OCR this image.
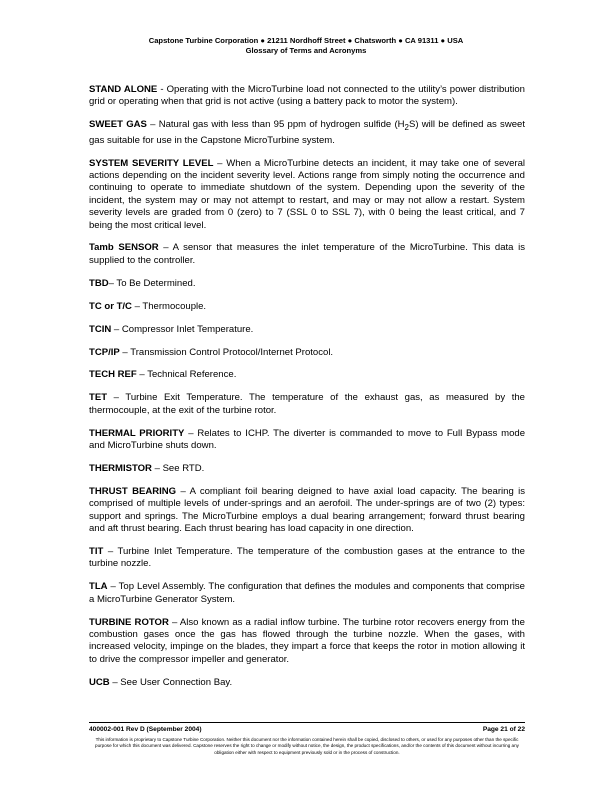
Capstone Turbine Corporation ● 21211 Nordhoff Street ● Chatsworth ● CA 91311 ● USA
Glossary of Terms and Acronyms

STAND ALONE - Operating with the MicroTurbine load not connected to the utility’s power distribution grid or operating when that grid is not active (using a battery pack to motor the system).

SWEET GAS – Natural gas with less than 95 ppm of hydrogen sulfide $(H_2S)$ will be defined as sweet gas suitable for use in the Capstone MicroTurbine system.

SYSTEM SEVERITY LEVEL – When a MicroTurbine detects an incident, it may take one of several actions depending on the incident severity level. Actions range from simply noting the occurrence and continuing to operate to immediate shutdown of the system. Depending upon the severity of the incident, the system may or may not attempt to restart, and may or may not allow a restart. System severity levels are graded from 0 (zero) to 7 (SSL 0 to SSL 7), with 0 being the least critical, and 7 being the most critical level.

Tamb SENSOR – A sensor that measures the inlet temperature of the MicroTurbine. This data is supplied to the controller.

TBD– To Be Determined.

TC or T/C – Thermocouple.

TCIN – Compressor Inlet Temperature.

TCP/IP – Transmission Control Protocol/Internet Protocol.

TECH REF – Technical Reference.

TET – Turbine Exit Temperature. The temperature of the exhaust gas, as measured by the thermocouple, at the exit of the turbine rotor.

THERMAL PRIORITY – Relates to ICHP. The diverter is commanded to move to Full Bypass mode and MicroTurbine shuts down.

THERMISTOR – See RTD.

THRUST BEARING – A compliant foil bearing deigned to have axial load capacity. The bearing is comprised of multiple levels of under-springs and an aerofoil. The under-springs are of two (2) types: support and springs. The MicroTurbine employs a dual bearing arrangement; forward thrust bearing and aft thrust bearing. Each thrust bearing has load capacity in one direction.

TIT – Turbine Inlet Temperature. The temperature of the combustion gases at the entrance to the turbine nozzle.

TLA – Top Level Assembly. The configuration that defines the modules and components that comprise a MicroTurbine Generator System.

TURBINE ROTOR – Also known as a radial inflow turbine. The turbine rotor recovers energy from the combustion gases once the gas has flowed through the turbine nozzle. When the gases, with increased velocity, impinge on the blades, they impart a force that keeps the rotor in motion allowing it to drive the compressor impeller and generator.

UCB – See User Connection Bay.

400002-001 Rev D (September 2004)	Page 21 of 22
This information is proprietary to Capstone Turbine Corporation. Neither this document nor the information contained herein shall be copied, disclosed to others, or used for any purposes other than the specific purpose for which this document was delivered. Capstone reserves the right to change or modify without notice, the design, the product specifications, and/or the contents of this document without incurring any obligation either with respect to equipment previously sold or in the process of construction.
